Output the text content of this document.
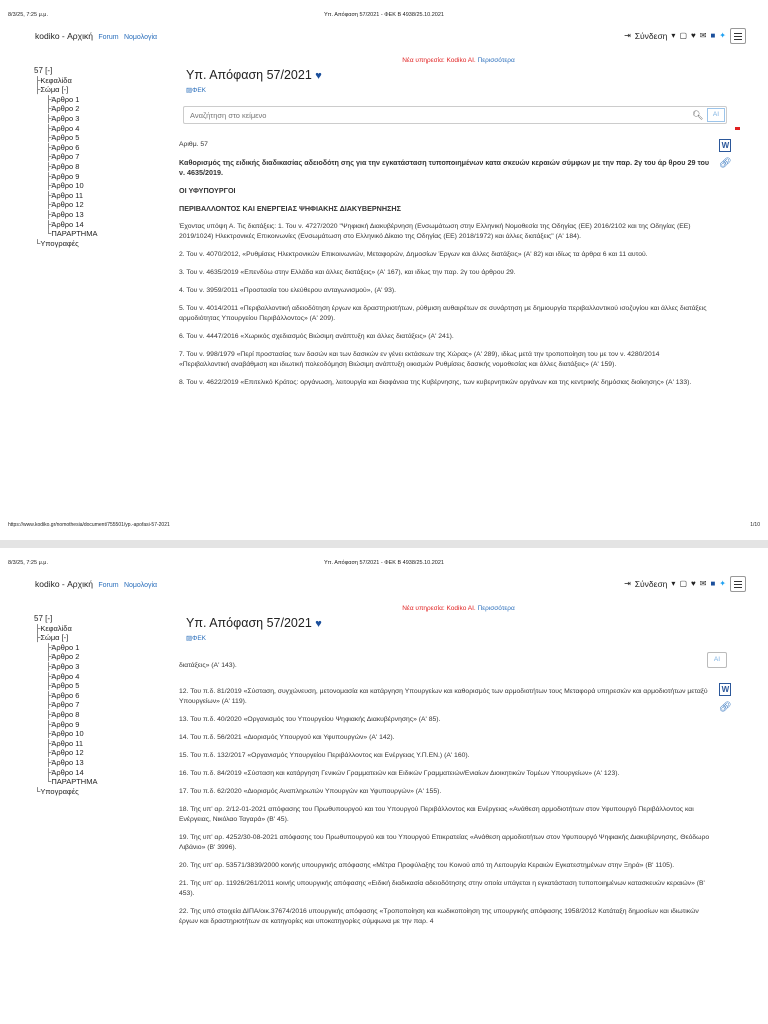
8/3/25, 7:25 μ.μ.	Υπ. Απόφαση 57/2021 - ΦΕΚ Β 4938/25.10.2021
kodiko - Αρχική Forum Νομολογία	⇥ Σύνδεση ▾ ▢ ♥ ✉ ■ ✦
57 [-]
├Κεφαλίδα
├Σώμα [-]
├Άρθρο 1
├Άρθρο 2
├Άρθρο 3
├Άρθρο 4
├Άρθρο 5
├Άρθρο 6
├Άρθρο 7
├Άρθρο 8
├Άρθρο 9
├Άρθρο 10
├Άρθρο 11
├Άρθρο 12
├Άρθρο 13
├Άρθρο 14
└ΠΑΡΑΡΤΗΜΑ
└Υπογραφές
Νέα υπηρεσία: Kodiko AI. Περισσότερα
Υπ. Απόφαση 57/2021 ♥
▨ΦΕΚ
Αναζήτηση στο κείμενο
🔍︎	AI
W
🔗︎

Αριθμ. 57

Καθορισμός της ειδικής διαδικασίας αδειοδότη σης για την εγκατάσταση τυποποιημένων κατα σκευών κεραιών σύμφων με την παρ. 2γ του άρ θρου 29 του ν. 4635/2019.

ΟΙ ΥΦΥΠΟΥΡΓΟΙ

ΠΕΡΙΒΑΛΛΟΝΤΟΣ ΚΑΙ ΕΝΕΡΓΕΙΑΣ ΨΗΦΙΑΚΗΣ ΔΙΑΚΥΒΕΡΝΗΣΗΣ

Έχοντας υπόψη Α. Τις διατάξεις: 1. Του ν. 4727/2020 "Ψηφιακή Διακυβέρνηση (Ενσωμάτωση στην Ελληνική Νομοθεσία της Οδηγίας (ΕΕ) 2016/2102 και της Οδηγίας (ΕΕ) 2019/1024) Ηλεκτρονικές Επικοινωνίες (Ενσωμάτωση στο Ελληνικό Δίκαιο της Οδηγίας (ΕΕ) 2018/1972) και άλλες διατάξεις" (Α' 184).

2. Του ν. 4070/2012, «Ρυθμίσεις Ηλεκτρονικών Επικοινωνιών, Μεταφορών, Δημοσίων Έργων και άλλες διατάξεις» (Α' 82) και ιδίως τα άρθρα 6 και 11 αυτού.

3. Του ν. 4635/2019 «Επενδύω στην Ελλάδα και άλλες διατάξεις» (Α' 167), και ιδίως την παρ. 2γ του άρθρου 29.

4. Του ν. 3959/2011 «Προστασία του ελεύθερου ανταγωνισμού», (Α' 93).

5. Του ν. 4014/2011 «Περιβαλλοντική αδειοδότηση έργων και δραστηριοτήτων, ρύθμιση αυθαιρέτων σε συνάρτηση με δημιουργία περιβαλλοντικού ισοζυγίου και άλλες διατάξεις αρμοδιότητας Υπουργείου Περιβάλλοντος» (Α' 209).

6. Του ν. 4447/2016 «Χωρικός σχεδιασμός Βιώσιμη ανάπτυξη και άλλες διατάξεις» (Α' 241).

7. Του ν. 998/1979 «Περί προστασίας των δασών και των δασικών εν γένει εκτάσεων της Χώρας» (Α' 289), ιδίως μετά την τροποποίηση του με τον ν. 4280/2014 «Περιβαλλοντική αναβάθμιση και ιδιωτική πολεοδόμηση Βιώσιμη ανάπτυξη οικισμών Ρυθμίσεις δασικής νομοθεσίας και άλλες διατάξεις» (Α' 159).

8. Του ν. 4622/2019 «Επιτελικό Κράτος: οργάνωση, λειτουργία και διαφάνεια της Κυβέρνησης, των κυβερνητικών οργάνων και της κεντρικής δημόσιας διοίκησης» (Α' 133).

https://www.kodiko.gr/nomothesia/document/755501/yp.-apofasi-57-2021	1/10
8/3/25, 7:25 μ.μ.	Υπ. Απόφαση 57/2021 - ΦΕΚ Β 4938/25.10.2021
kodiko - Αρχική Forum Νομολογία	⇥ Σύνδεση ▾ ▢ ♥ ✉ ■ ✦
57 [-]
├Κεφαλίδα
├Σώμα [-]
├Άρθρο 1
├Άρθρο 2
├Άρθρο 3
├Άρθρο 4
├Άρθρο 5
├Άρθρο 6
├Άρθρο 7
├Άρθρο 8
├Άρθρο 9
├Άρθρο 10
├Άρθρο 11
├Άρθρο 12
├Άρθρο 13
├Άρθρο 14
└ΠΑΡΑΡΤΗΜΑ
└Υπογραφές
Νέα υπηρεσία: Kodiko AI. Περισσότερα
Υπ. Απόφαση 57/2021 ♥
▨ΦΕΚ
AI
W
🔗︎

διατάξεις» (Α' 143).

12. Του π.δ. 81/2019 «Σύσταση, συγχώνευση, μετονομασία και κατάργηση Υπουργείων και καθορισμός των αρμοδιοτήτων τους Μεταφορά υπηρεσιών και αρμοδιοτήτων μεταξύ Υπουργείων» (Α' 119).

13. Του π.δ. 40/2020 «Οργανισμός του Υπουργείου Ψηφιακής Διακυβέρνησης» (Α' 85).

14. Του π.δ. 56/2021 «Διορισμός Υπουργού και Υφυπουργών» (Α' 142).

15. Του π.δ. 132/2017 «Οργανισμός Υπουργείου Περιβάλλοντος και Ενέργειας Υ.Π.ΕΝ.) (Α' 160).

16. Του π.δ. 84/2019 «Σύσταση και κατάργηση Γενικών Γραμματειών και Ειδικών Γραμματειών/Ενιαίων Διοικητικών Τομέων Υπουργείων» (Α' 123).

17. Του π.δ. 62/2020 «Διορισμός Αναπληρωτών Υπουργών και Υφυπουργών» (Α' 155).

18. Της υπ' αρ. 2/12-01-2021 απόφασης του Πρωθυπουργού και του Υπουργού Περιβάλλοντος και Ενέργειας «Ανάθεση αρμοδιοτήτων στον Υφυπουργό Περιβάλλοντος και Ενέργειας, Νικόλαο Ταγαρά» (Β' 45).

19. Της υπ' αρ. 4252/30-08-2021 απόφασης του Πρωθυπουργού και του Υπουργού Επικρατείας «Ανάθεση αρμοδιοτήτων στον Υφυπουργό Ψηφιακής Διακυβέρνησης, Θεόδωρο Λιβάνιο» (Β' 3996).

20. Της υπ' αρ. 53571/3839/2000 κοινής υπουργικής απόφασης «Μέτρα Προφύλαξης του Κοινού από τη Λειτουργία Κεραιών Εγκατεστημένων στην Ξηρά» (Β' 1105).

21. Της υπ' αρ. 11926/261/2011 κοινής υπουργικής απόφασης «Ειδική διαδικασία αδειοδότησης στην οποία υπάγεται η εγκατάσταση τυποποιημένων κατασκευών κεραιών» (Β' 453).

22. Της υπό στοιχεία ΔΙΠΑ/οικ.37674/2016 υπουργικής απόφασης «Τροποποίηση και κωδικοποίηση της υπουργικής απόφασης 1958/2012 Κατάταξη δημοσίων και ιδιωτικών έργων και δραστηριοτήτων σε κατηγορίες και υποκατηγορίες σύμφωνα με την παρ. 4
